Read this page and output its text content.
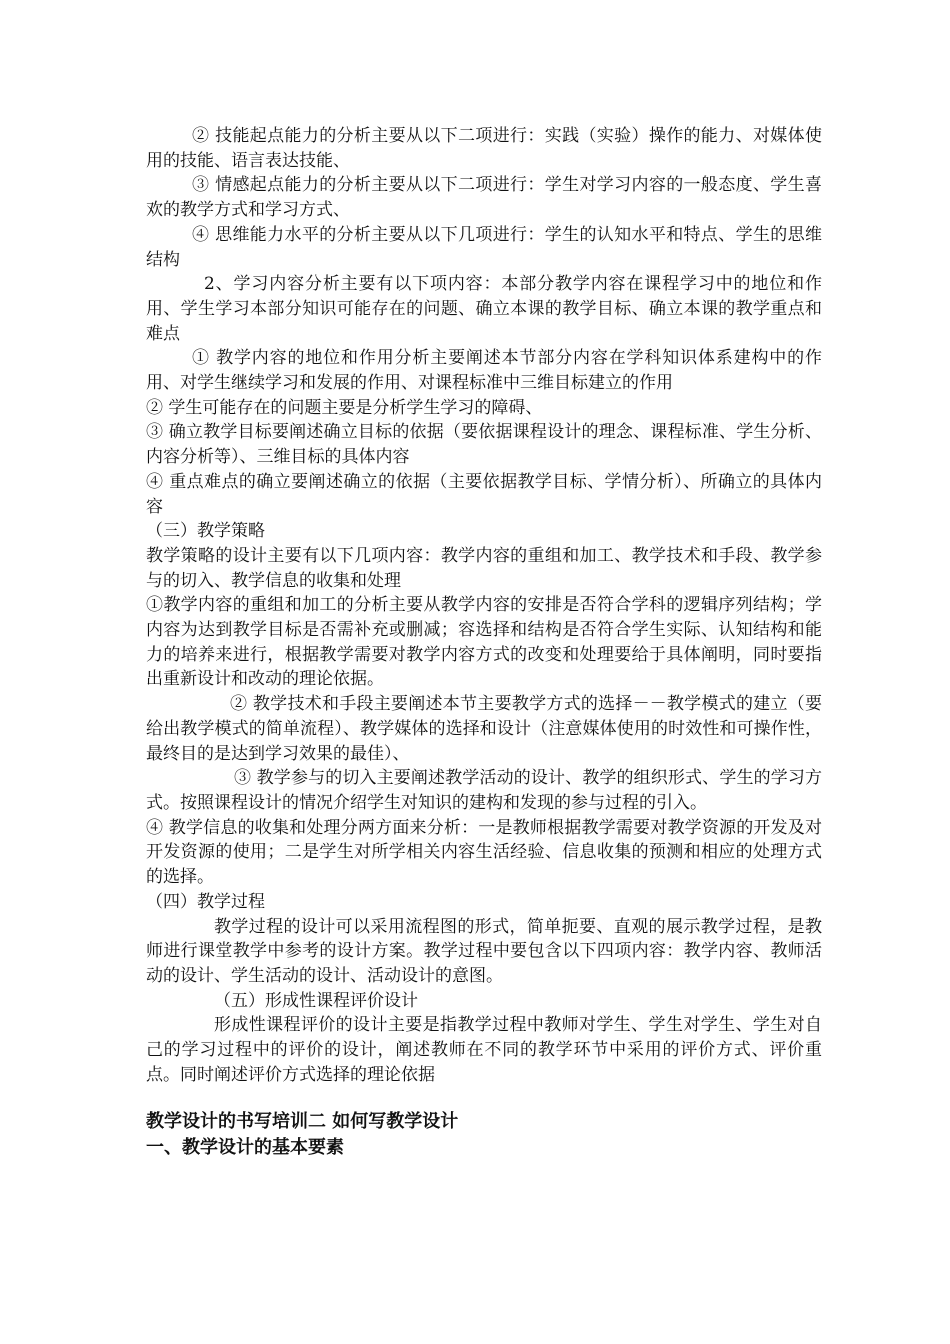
② 技能起点能力的分析主要从以下二项进行：实践（实验）操作的能力、对媒体使用的技能、语言表达技能、

③ 情感起点能力的分析主要从以下二项进行：学生对学习内容的一般态度、学生喜欢的教学方式和学习方式、

④ 思维能力水平的分析主要从以下几项进行：学生的认知水平和特点、学生的思维结构

2、学习内容分析主要有以下项内容：本部分教学内容在课程学习中的地位和作用、学生学习本部分知识可能存在的问题、确立本课的教学目标、确立本课的教学重点和难点

① 教学内容的地位和作用分析主要阐述本节部分内容在学科知识体系建构中的作用、对学生继续学习和发展的作用、对课程标准中三维目标建立的作用

② 学生可能存在的问题主要是分析学生学习的障碍、

③ 确立教学目标要阐述确立目标的依据（要依据课程设计的理念、课程标准、学生分析、内容分析等）、三维目标的具体内容

④ 重点难点的确立要阐述确立的依据（主要依据教学目标、学情分析）、所确立的具体内容

（三）教学策略

教学策略的设计主要有以下几项内容：教学内容的重组和加工、教学技术和手段、教学参与的切入、教学信息的收集和处理

①教学内容的重组和加工的分析主要从教学内容的安排是否符合学科的逻辑序列结构；学内容为达到教学目标是否需补充或删减；容选择和结构是否符合学生实际、认知结构和能力的培养来进行，根据教学需要对教学内容方式的改变和处理要给于具体阐明，同时要指出重新设计和改动的理论依据。

② 教学技术和手段主要阐述本节主要教学方式的选择－－教学模式的建立（要给出教学模式的简单流程）、教学媒体的选择和设计（注意媒体使用的时效性和可操作性，最终目的是达到学习效果的最佳）、

③ 教学参与的切入主要阐述教学活动的设计、教学的组织形式、学生的学习方式。按照课程设计的情况介绍学生对知识的建构和发现的参与过程的引入。

④ 教学信息的收集和处理分两方面来分析：一是教师根据教学需要对教学资源的开发及对开发资源的使用；二是学生对所学相关内容生活经验、信息收集的预测和相应的处理方式的选择。

（四）教学过程

教学过程的设计可以采用流程图的形式，简单扼要、直观的展示教学过程，是教师进行课堂教学中参考的设计方案。教学过程中要包含以下四项内容：教学内容、教师活动的设计、学生活动的设计、活动设计的意图。

（五）形成性课程评价设计

形成性课程评价的设计主要是指教学过程中教师对学生、学生对学生、学生对自己的学习过程中的评价的设计，阐述教师在不同的教学环节中采用的评价方式、评价重点。同时阐述评价方式选择的理论依据

教学设计的书写培训二 如何写教学设计

一、教学设计的基本要素
